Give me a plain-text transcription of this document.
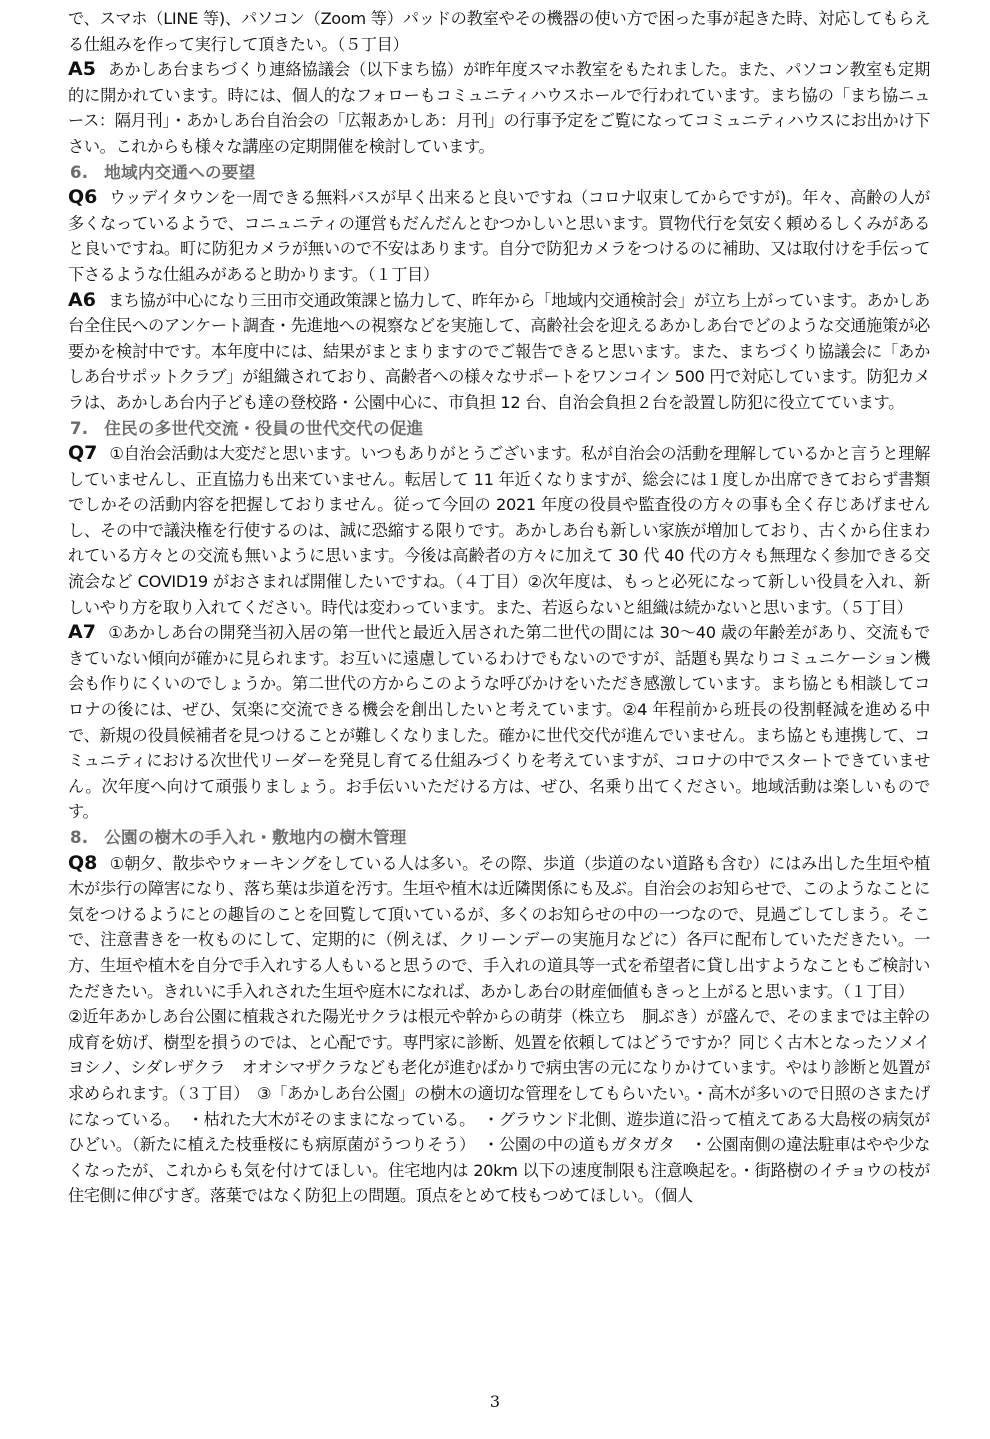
で、スマホ（LINE 等)、パソコン（Zoom 等）パッドの教室やその機器の使い方で困った事が起きた時、対応してもらえる仕組みを作って実行して頂きたい。（５丁目）

A5 あかしあ台まちづくり連絡協議会（以下まち協）が昨年度スマホ教室をもたれました。また、パソコン教室も定期的に開かれています。時には、個人的なフォローもコミュニティハウスホールで行われています。まち協の「まち協ニュース：隔月刊」・あかしあ台自治会の「広報あかしあ：月刊」の行事予定をご覧になってコミュニティハウスにお出かけ下さい。これからも様々な講座の定期開催を検討しています。

6. 地域内交通への要望

Q6 ウッデイタウンを一周できる無料バスが早く出来ると良いですね（コロナ収束してからですが)。年々、高齢の人が多くなっているようで、コニュニティの運営もだんだんとむつかしいと思います。買物代行を気安く頼めるしくみがあると良いですね。町に防犯カメラが無いので不安はあります。自分で防犯カメラをつけるのに補助、又は取付けを手伝って下さるような仕組みがあると助かります。（１丁目）

A6 まち協が中心になり三田市交通政策課と協力して、昨年から「地域内交通検討会」が立ち上がっています。あかしあ台全住民へのアンケート調査・先進地への視察などを実施して、高齢社会を迎えるあかしあ台でどのような交通施策が必要かを検討中です。本年度中には、結果がまとまりますのでご報告できると思います。また、まちづくり協議会に「あかしあ台サポットクラブ」が組織されており、高齢者への様々なサポートをワンコイン 500 円で対応しています。防犯カメラは、あかしあ台内子ども達の登校路・公園中心に、市負担 12 台、自治会負担２台を設置し防犯に役立てています。

7. 住民の多世代交流・役員の世代交代の促進

Q7 ①自治会活動は大変だと思います。いつもありがとうございます。私が自治会の活動を理解しているかと言うと理解していませんし、正直協力も出来ていません。転居して 11 年近くなりますが、総会には１度しか出席できておらず書類でしかその活動内容を把握しておりません。従って今回の 2021 年度の役員や監査役の方々の事も全く存じあげませんし、その中で議決権を行使するのは、誠に恐縮する限りです。あかしあ台も新しい家族が増加しており、古くから住まわれている方々との交流も無いように思います。今後は高齢者の方々に加えて 30 代 40 代の方々も無理なく参加できる交流会など COVID19 がおさまれば開催したいですね。（４丁目）②次年度は、もっと必死になって新しい役員を入れ、新しいやり方を取り入れてください。時代は変わっています。また、若返らないと組織は続かないと思います。（５丁目）

A7 ①あかしあ台の開発当初入居の第一世代と最近入居された第二世代の間には 30〜40 歳の年齢差があり、交流もできていない傾向が確かに見られます。お互いに遠慮しているわけでもないのですが、話題も異なりコミュニケーション機会も作りにくいのでしょうか。第二世代の方からこのような呼びかけをいただき感激しています。まち協とも相談してコロナの後には、ぜひ、気楽に交流できる機会を創出したいと考えています。②4 年程前から班長の役割軽減を進める中で、新規の役員候補者を見つけることが難しくなりました。確かに世代交代が進んでいません。まち協とも連携して、コミュニティにおける次世代リーダーを発見し育てる仕組みづくりを考えていますが、コロナの中でスタートできていません。次年度へ向けて頑張りましょう。お手伝いいただける方は、ぜひ、名乗り出てください。地域活動は楽しいものです。

8. 公園の樹木の手入れ・敷地内の樹木管理

Q8 ①朝夕、散歩やウォーキングをしている人は多い。その際、歩道（歩道のない道路も含む）にはみ出した生垣や植木が歩行の障害になり、落ち葉は歩道を汚す。生垣や植木は近隣関係にも及ぶ。自治会のお知らせで、このようなことに気をつけるようにとの趣旨のことを回覧して頂いているが、多くのお知らせの中の一つなので、見過ごしてしまう。そこで、注意書きを一枚ものにして、定期的に（例えば、クリーンデーの実施月などに）各戸に配布していただきたい。一方、生垣や植木を自分で手入れする人もいると思うので、手入れの道具等一式を希望者に貸し出すようなこともご検討いただきたい。きれいに手入れされた生垣や庭木になれば、あかしあ台の財産価値もきっと上がると思います。（１丁目）

②近年あかしあ台公園に植栽された陽光サクラは根元や幹からの萌芽（株立ち　胴ぶき）が盛んで、そのままでは主幹の成育を妨げ、樹型を損うのでは、と心配です。専門家に診断、処置を依頼してはどうですか？同じく古木となったソメイヨシノ、シダレザクラ　オオシマザクラなども老化が進むばかりで病虫害の元になりかけています。やはり診断と処置が求められます。（３丁目）　③「あかしあ台公園」の樹木の適切な管理をしてもらいたい。・高木が多いので日照のさまたげになっている。　・枯れた大木がそのままになっている。　・グラウンド北側、遊歩道に沿って植えてある大島桜の病気がひどい。（新たに植えた枝垂桜にも病原菌がうつりそう）　・公園の中の道もガタガタ　・公園南側の違法駐車はやや少なくなったが、これからも気を付けてほしい。住宅地内は 20km 以下の速度制限も注意喚起を。・街路樹のイチョウの枝が住宅側に伸びすぎ。落葉ではなく防犯上の問題。頂点をとめて枝もつめてほしい。（個人

3
